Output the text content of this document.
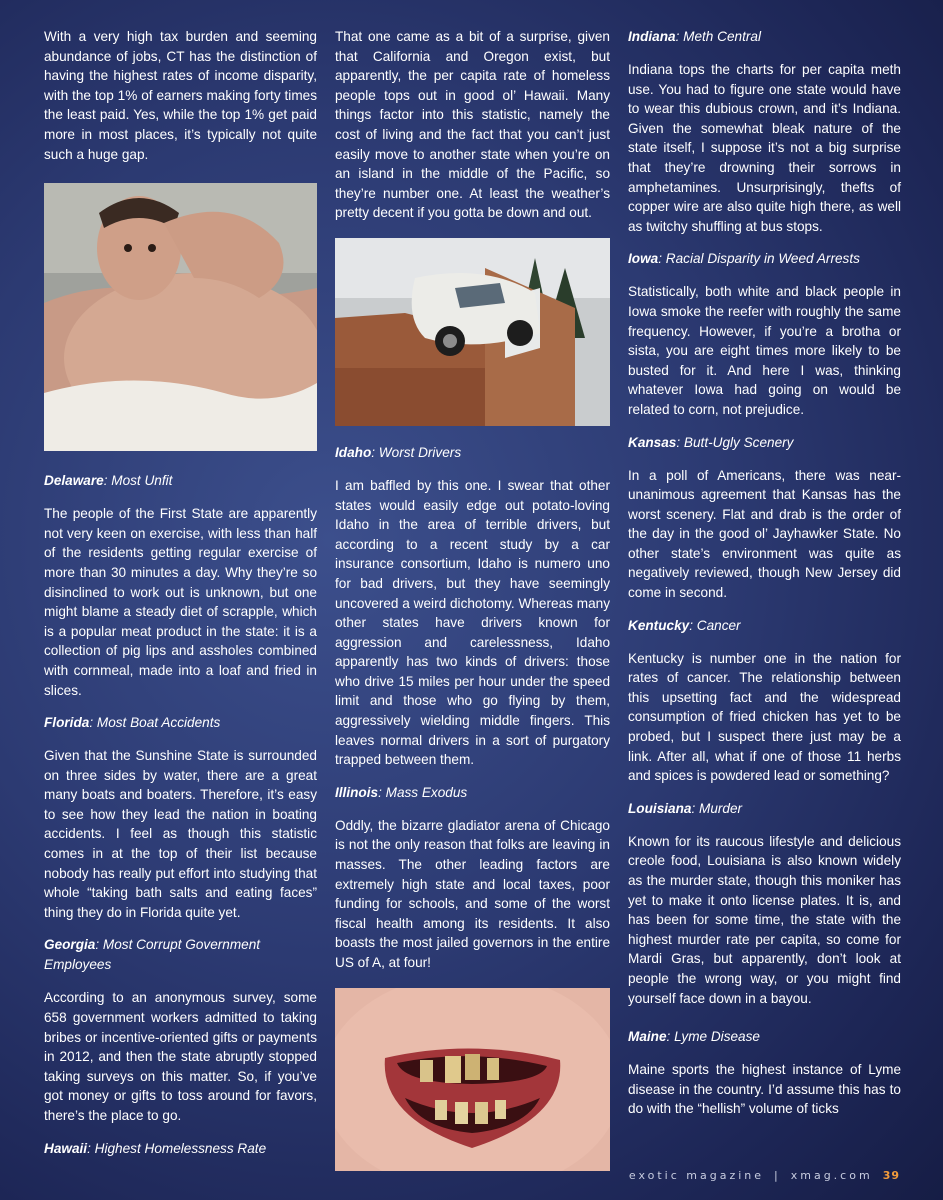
With a very high tax burden and seeming abundance of jobs, CT has the distinction of having the highest rates of income disparity, with the top 1% of earners making forty times the least paid. Yes, while the top 1% get paid more in most places, it’s typically not quite such a huge gap.

Delaware: Most Unfit

The people of the First State are apparently not very keen on exercise, with less than half of the residents getting regular exercise of more than 30 minutes a day. Why they’re so disinclined to work out is unknown, but one might blame a steady diet of scrapple, which is a popular meat product in the state: it is a collection of pig lips and assholes combined with cornmeal, made into a loaf and fried in slices.

Florida: Most Boat Accidents

Given that the Sunshine State is surrounded on three sides by water, there are a great many boats and boaters. Therefore, it’s easy to see how they lead the nation in boating accidents. I feel as though this statistic comes in at the top of their list because nobody has really put effort into studying that whole “taking bath salts and eating faces” thing they do in Florida quite yet.

Georgia: Most Corrupt Government Employees

According to an anonymous survey, some 658 government workers admitted to taking bribes or incentive-oriented gifts or payments in 2012, and then the state abruptly stopped taking surveys on this matter. So, if you’ve got money or gifts to toss around for favors, there’s the place to go.

Hawaii: Highest Homelessness Rate

That one came as a bit of a surprise, given that California and Oregon exist, but apparently, the per capita rate of homeless people tops out in good ol’ Hawaii. Many things factor into this statistic, namely the cost of living and the fact that you can’t just easily move to another state when you’re on an island in the middle of the Pacific, so they’re number one. At least the weather’s pretty decent if you gotta be down and out.

Idaho: Worst Drivers

I am baffled by this one. I swear that other states would easily edge out potato-loving Idaho in the area of terrible drivers, but according to a recent study by a car insurance consortium, Idaho is numero uno for bad drivers, but they have seemingly uncovered a weird dichotomy. Whereas many other states have drivers known for aggression and carelessness, Idaho apparently has two kinds of drivers: those who drive 15 miles per hour under the speed limit and those who go flying by them, aggressively wielding middle fingers. This leaves normal drivers in a sort of purgatory trapped between them.

Illinois: Mass Exodus

Oddly, the bizarre gladiator arena of Chicago is not the only reason that folks are leaving in masses. The other leading factors are extremely high state and local taxes, poor funding for schools, and some of the worst fiscal health among its residents. It also boasts the most jailed governors in the entire US of A, at four!

Indiana: Meth Central

Indiana tops the charts for per capita meth use. You had to figure one state would have to wear this dubious crown, and it’s Indiana. Given the somewhat bleak nature of the state itself, I suppose it’s not a big surprise that they’re drowning their sorrows in amphetamines. Unsurprisingly, thefts of copper wire are also quite high there, as well as twitchy shuffling at bus stops.

Iowa: Racial Disparity in Weed Arrests

Statistically, both white and black people in Iowa smoke the reefer with roughly the same frequency. However, if you’re a brotha or sista, you are eight times more likely to be busted for it. And here I was, thinking whatever Iowa had going on would be related to corn, not prejudice.

Kansas: Butt-Ugly Scenery

In a poll of Americans, there was near-unanimous agreement that Kansas has the worst scenery. Flat and drab is the order of the day in the good ol’ Jayhawker State. No other state’s environment was quite as negatively reviewed, though New Jersey did come in second.

Kentucky: Cancer

Kentucky is number one in the nation for rates of cancer. The relationship between this upsetting fact and the widespread consumption of fried chicken has yet to be probed, but I suspect there just may be a link. After all, what if one of those 11 herbs and spices is powdered lead or something?

Louisiana: Murder

Known for its raucous lifestyle and delicious creole food, Louisiana is also known widely as the murder state, though this moniker has yet to make it onto license plates. It is, and has been for some time, the state with the highest murder rate per capita, so come for Mardi Gras, but apparently, don’t look at people the wrong way, or you might find yourself face down in a bayou.

Maine: Lyme Disease

Maine sports the highest instance of Lyme disease in the country. I’d assume this has to do with the “hellish” volume of ticks

exotic magazine | xmag.com 39
